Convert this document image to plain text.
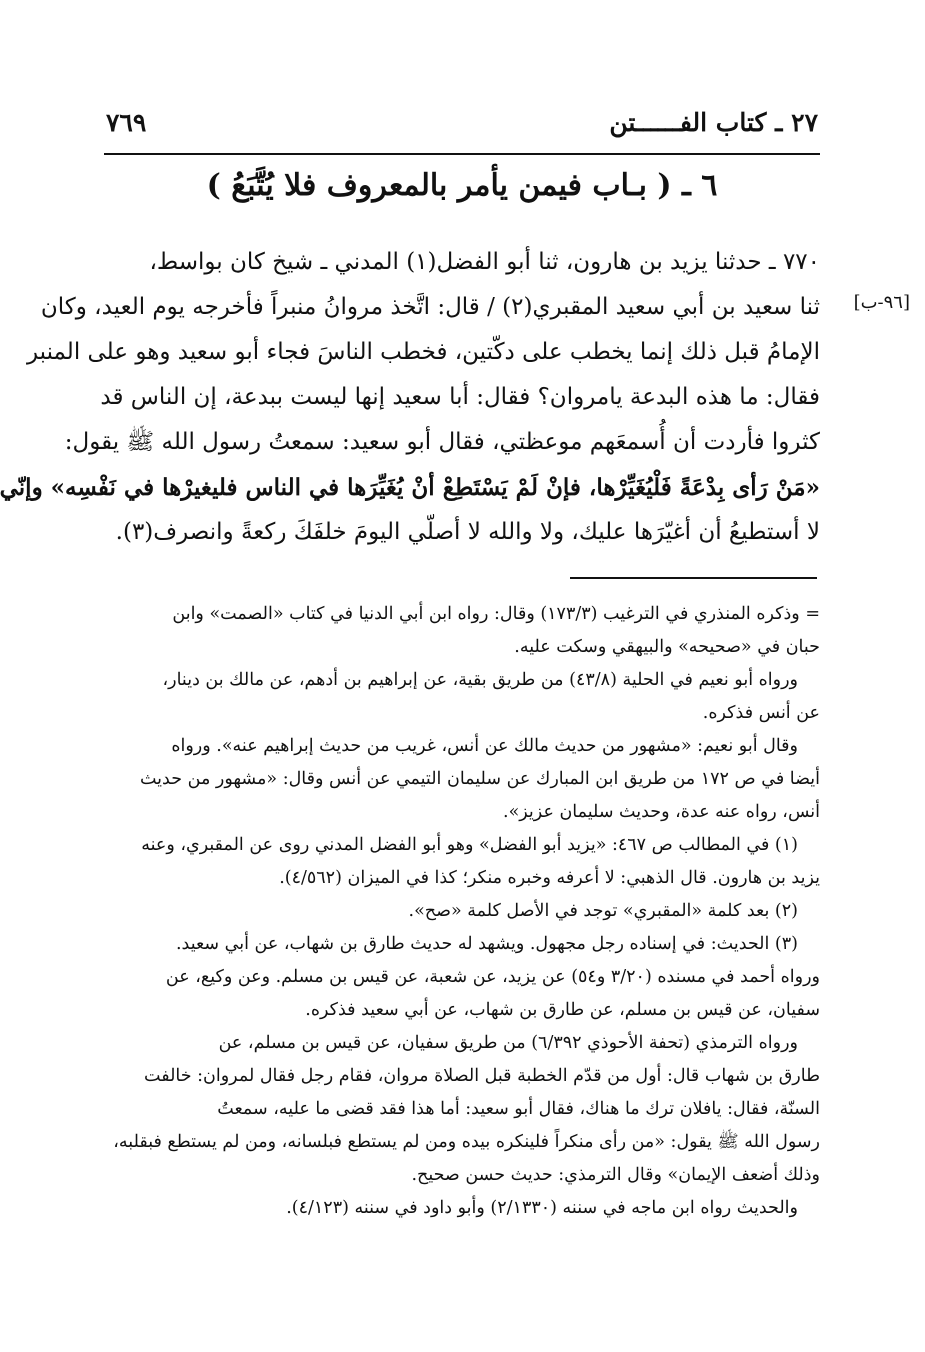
٢٧ ـ كتاب الفــــــتن
٧٦٩
٦ ـ ( بـاب فيمن يأمر بالمعروف فلا يُتَّبَعُ )
[٩٦-ب]
٧٧٠ ـ حدثنا يزيد بن هارون، ثنا أبو الفضل(١) المدني ـ شيخ كان بواسط،
ثنا سعيد بن أبي سعيد المقبري(٢) / قال: اتَّخذ مروانُ منبراً فأخرجه يوم العيد، وكان
الإمامُ قبل ذلك إنما يخطب على دكّتين، فخطب الناسَ فجاء أبو سعيد وهو على المنبر
فقال: ما هذه البدعة يامروان؟ فقال: أبا سعيد إنها ليست ببدعة، إن الناس قد
كثروا فأردت أن أُسمعَهم موعظتي، فقال أبو سعيد: سمعتُ رسول الله ﷺ يقول:
«مَنْ رَأى بِدْعَةً فَلْيُغَيِّرْها، فإنْ لَمْ يَسْتَطِعْ أنْ يُغَيِّرَها في الناس فليغيرْها في نَفْسِه» وإنّي
لا أستطيعُ أن أغيّرَها عليك، ولا والله لا أصلّي اليومَ خلفَكَ ركعةً وانصرف(٣).
= وذكره المنذري في الترغيب (١٧٣/٣) وقال: رواه ابن أبي الدنيا في كتاب «الصمت» وابن
حبان في «صحيحه» والبيهقي وسكت عليه.
ورواه أبو نعيم في الحلية (٤٣/٨) من طريق بقية، عن إبراهيم بن أدهم، عن مالك بن دينار،
عن أنس فذكره.
وقال أبو نعيم: «مشهور من حديث مالك عن أنس، غريب من حديث إبراهيم عنه». ورواه
أيضا في ص ١٧٢ من طريق ابن المبارك عن سليمان التيمي عن أنس وقال: «مشهور من حديث
أنس، رواه عنه عدة، وحديث سليمان عزيز».
(١) في المطالب ص ٤٦٧: «يزيد أبو الفضل» وهو أبو الفضل المدني روى عن المقبري، وعنه
يزيد بن هارون. قال الذهبي: لا أعرفه وخبره منكر؛ كذا في الميزان (٤/٥٦٢).
(٢) بعد كلمة «المقبري» توجد في الأصل كلمة «صح».
(٣) الحديث: في إسناده رجل مجهول. ويشهد له حديث طارق بن شهاب، عن أبي سعيد.
ورواه أحمد في مسنده (٣/٢٠ و٥٤) عن يزيد، عن شعبة، عن قيس بن مسلم. وعن وكيع، عن
سفيان، عن قيس بن مسلم، عن طارق بن شهاب، عن أبي سعيد فذكره.
ورواه الترمذي (تحفة الأحوذي ٦/٣٩٢) من طريق سفيان، عن قيس بن مسلم، عن
طارق بن شهاب قال: أول من قدّم الخطبة قبل الصلاة مروان، فقام رجل فقال لمروان: خالفت
السنّة، فقال: يافلان ترك ما هناك، فقال أبو سعيد: أما هذا فقد قضى ما عليه، سمعتُ
رسول الله ﷺ يقول: «من رأى منكراً فلينكره بيده ومن لم يستطع فبلسانه، ومن لم يستطع فبقلبه،
وذلك أضعف الإيمان» وقال الترمذي: حديث حسن صحيح.
والحديث رواه ابن ماجه في سننه (٢/١٣٣٠) وأبو داود في سننه (٤/١٢٣).
